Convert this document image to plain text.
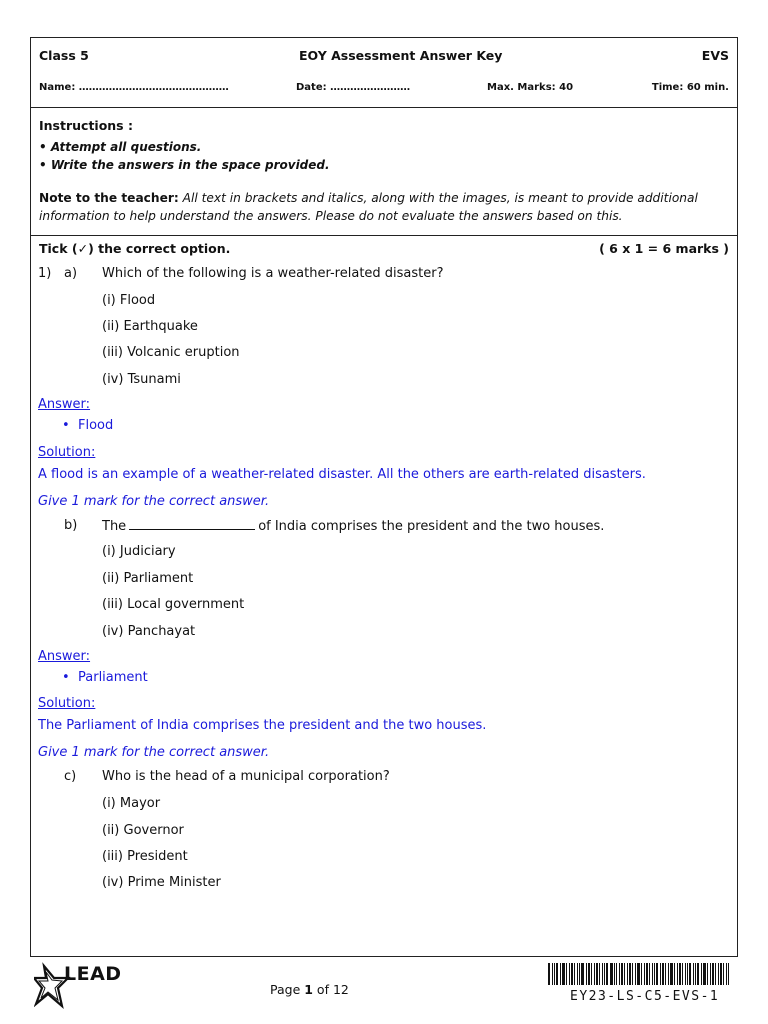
Class 5	EOY Assessment Answer Key	EVS
Name: ………………………………………	Date: ……………………	Max. Marks: 40	Time: 60 min.
Instructions :
• Attempt all questions.
• Write the answers in the space provided.
Note to the teacher: All text in brackets and italics, along with the images, is meant to provide additional information to help understand the answers. Please do not evaluate the answers based on this.
Tick (✓) the correct option.	( 6 x 1 = 6 marks )
1) a) Which of the following is a weather-related disaster?
(i) Flood
(ii) Earthquake
(iii) Volcanic eruption
(iv) Tsunami
Answer:
• Flood
Solution:
A flood is an example of a weather-related disaster. All the others are earth-related disasters.
Give 1 mark for the correct answer.
b) The	of India comprises the president and the two houses.
(i) Judiciary
(ii) Parliament
(iii) Local government
(iv) Panchayat
Answer:
• Parliament
Solution:
The Parliament of India comprises the president and the two houses.
Give 1 mark for the correct answer.
c) Who is the head of a municipal corporation?
(i) Mayor
(ii) Governor
(iii) President
(iv) Prime Minister
LEAD
Page 1 of 12	EY23-LS-C5-EVS-1
